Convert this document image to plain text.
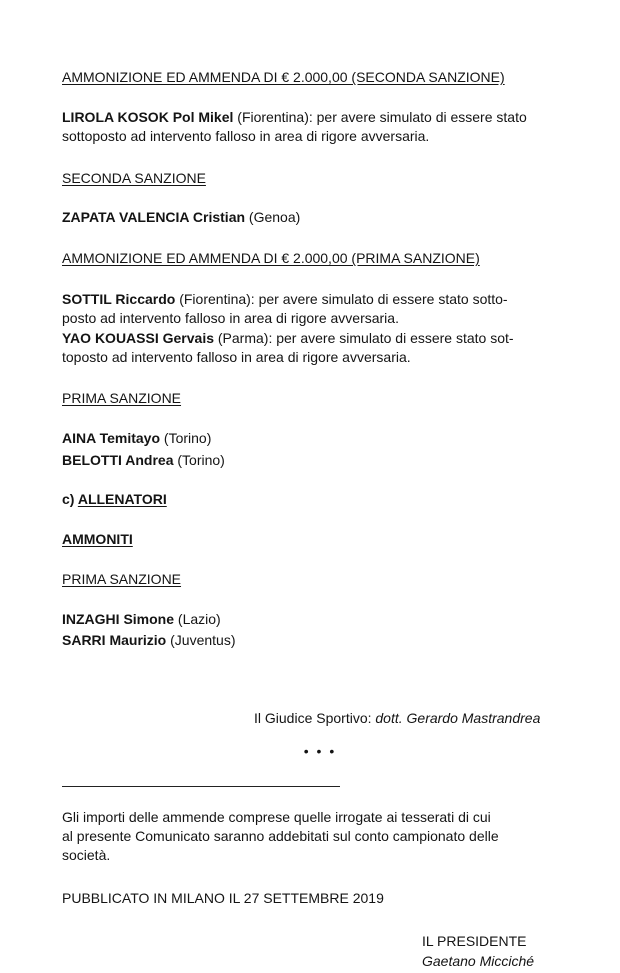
AMMONIZIONE ED AMMENDA DI € 2.000,00 (SECONDA SANZIONE)
LIROLA KOSOK Pol Mikel (Fiorentina): per avere simulato di essere stato
sottoposto ad intervento falloso in area di rigore avversaria.
SECONDA SANZIONE
ZAPATA VALENCIA Cristian (Genoa)
AMMONIZIONE ED AMMENDA DI € 2.000,00 (PRIMA SANZIONE)
SOTTIL Riccardo (Fiorentina): per avere simulato di essere stato sotto-
posto ad intervento falloso in area di rigore avversaria.
YAO KOUASSI Gervais (Parma): per avere simulato di essere stato sot-
toposto ad intervento falloso in area di rigore avversaria.
PRIMA SANZIONE
AINA Temitayo (Torino)
BELOTTI Andrea (Torino)
c) ALLENATORI
AMMONITI
PRIMA SANZIONE
INZAGHI Simone (Lazio)
SARRI Maurizio (Juventus)
Il Giudice Sportivo: dott. Gerardo Mastrandrea
• • •
Gli importi delle ammende comprese quelle irrogate ai tesserati di cui
al presente Comunicato saranno addebitati sul conto campionato delle
società.
PUBBLICATO IN MILANO IL 27 SETTEMBRE 2019
IL PRESIDENTE
Gaetano Micciché
